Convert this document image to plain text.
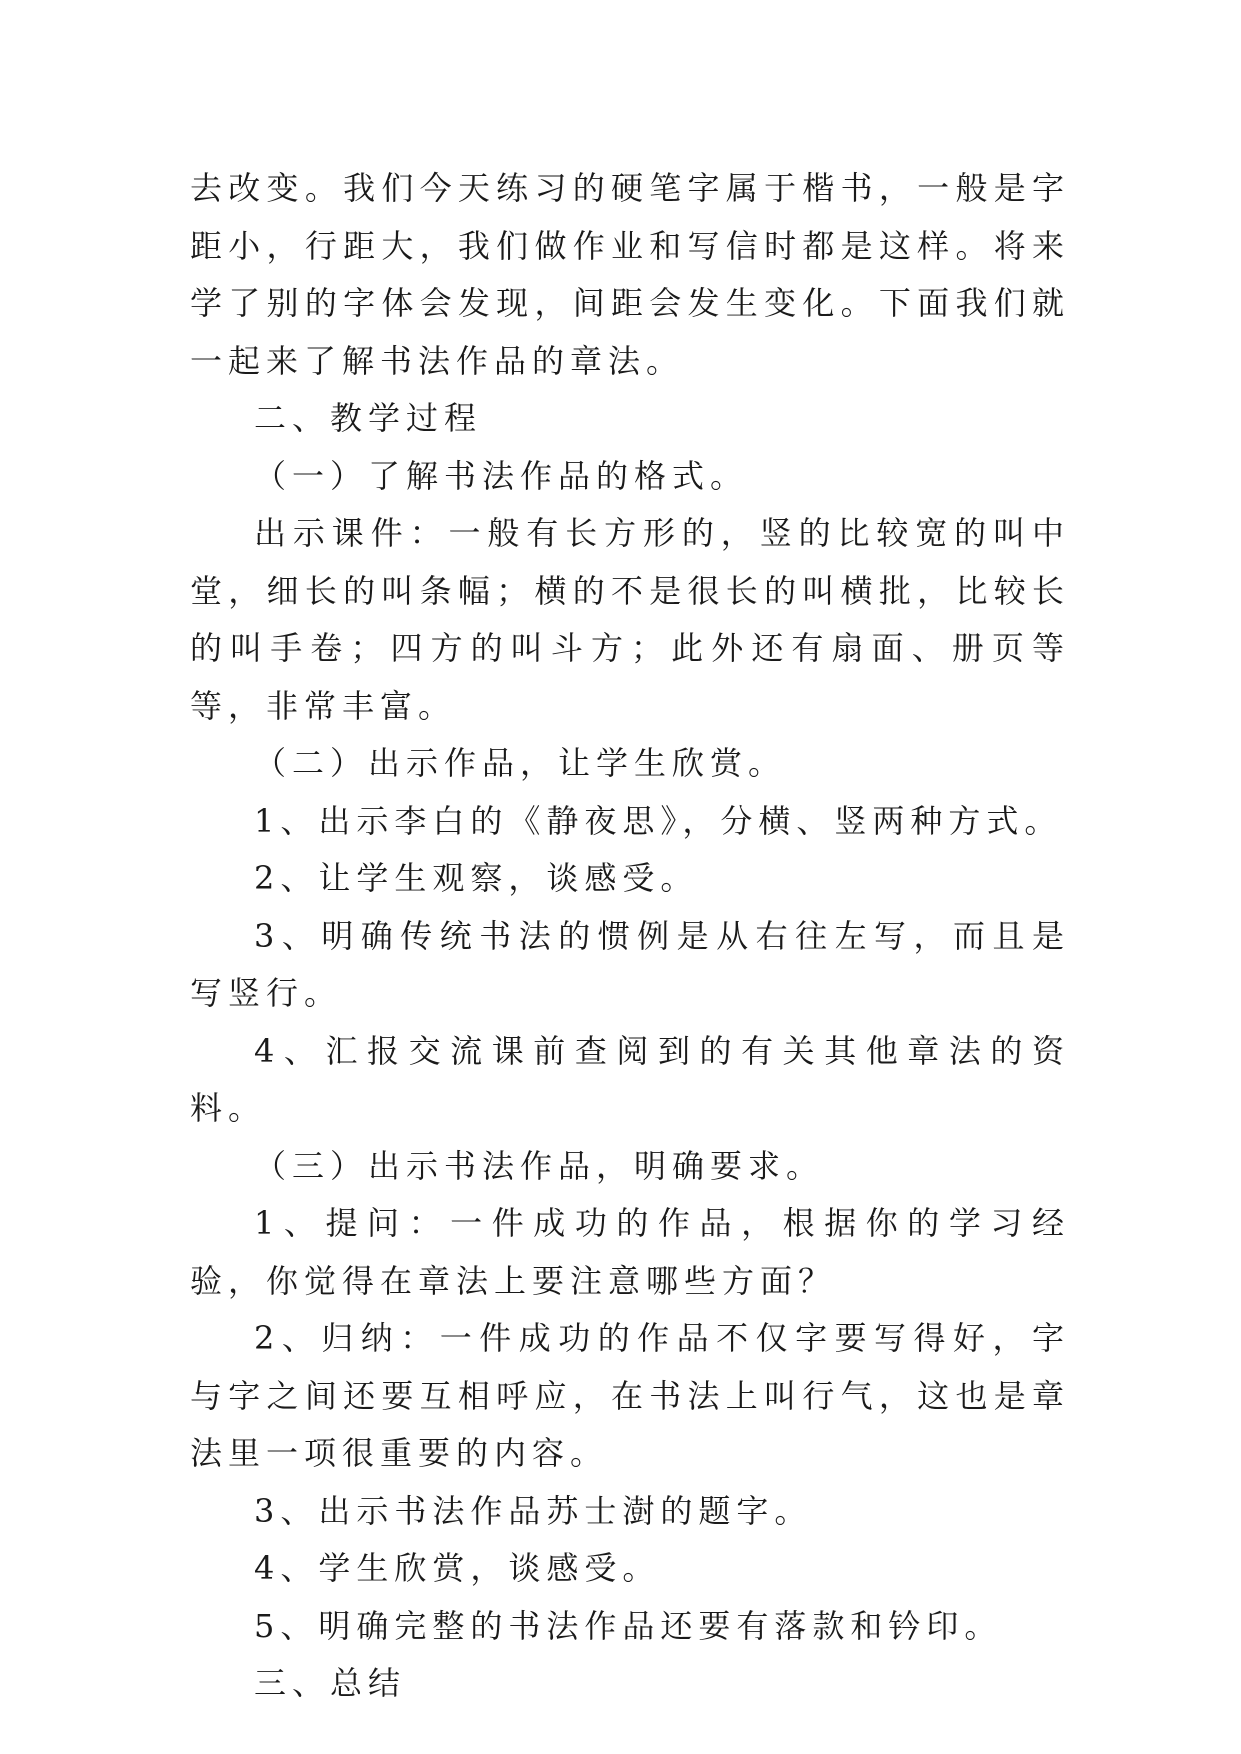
去改变。我们今天练习的硬笔字属于楷书，一般是字距小，行距大，我们做作业和写信时都是这样。将来学了别的字体会发现，间距会发生变化。下面我们就一起来了解书法作品的章法。

二、教学过程

（一）了解书法作品的格式。

出示课件：一般有长方形的，竖的比较宽的叫中堂，细长的叫条幅；横的不是很长的叫横批，比较长的叫手卷；四方的叫斗方；此外还有扇面、册页等等，非常丰富。

（二）出示作品，让学生欣赏。

1、出示李白的《静夜思》，分横、竖两种方式。

2、让学生观察，谈感受。

3、明确传统书法的惯例是从右往左写，而且是写竖行。

4、汇报交流课前查阅到的有关其他章法的资料。

（三）出示书法作品，明确要求。

1、提问：一件成功的作品，根据你的学习经验，你觉得在章法上要注意哪些方面？

2、归纳：一件成功的作品不仅字要写得好，字与字之间还要互相呼应，在书法上叫行气，这也是章法里一项很重要的内容。

3、出示书法作品苏士澍的题字。

4、学生欣赏，谈感受。

5、明确完整的书法作品还要有落款和钤印。

三、总结
